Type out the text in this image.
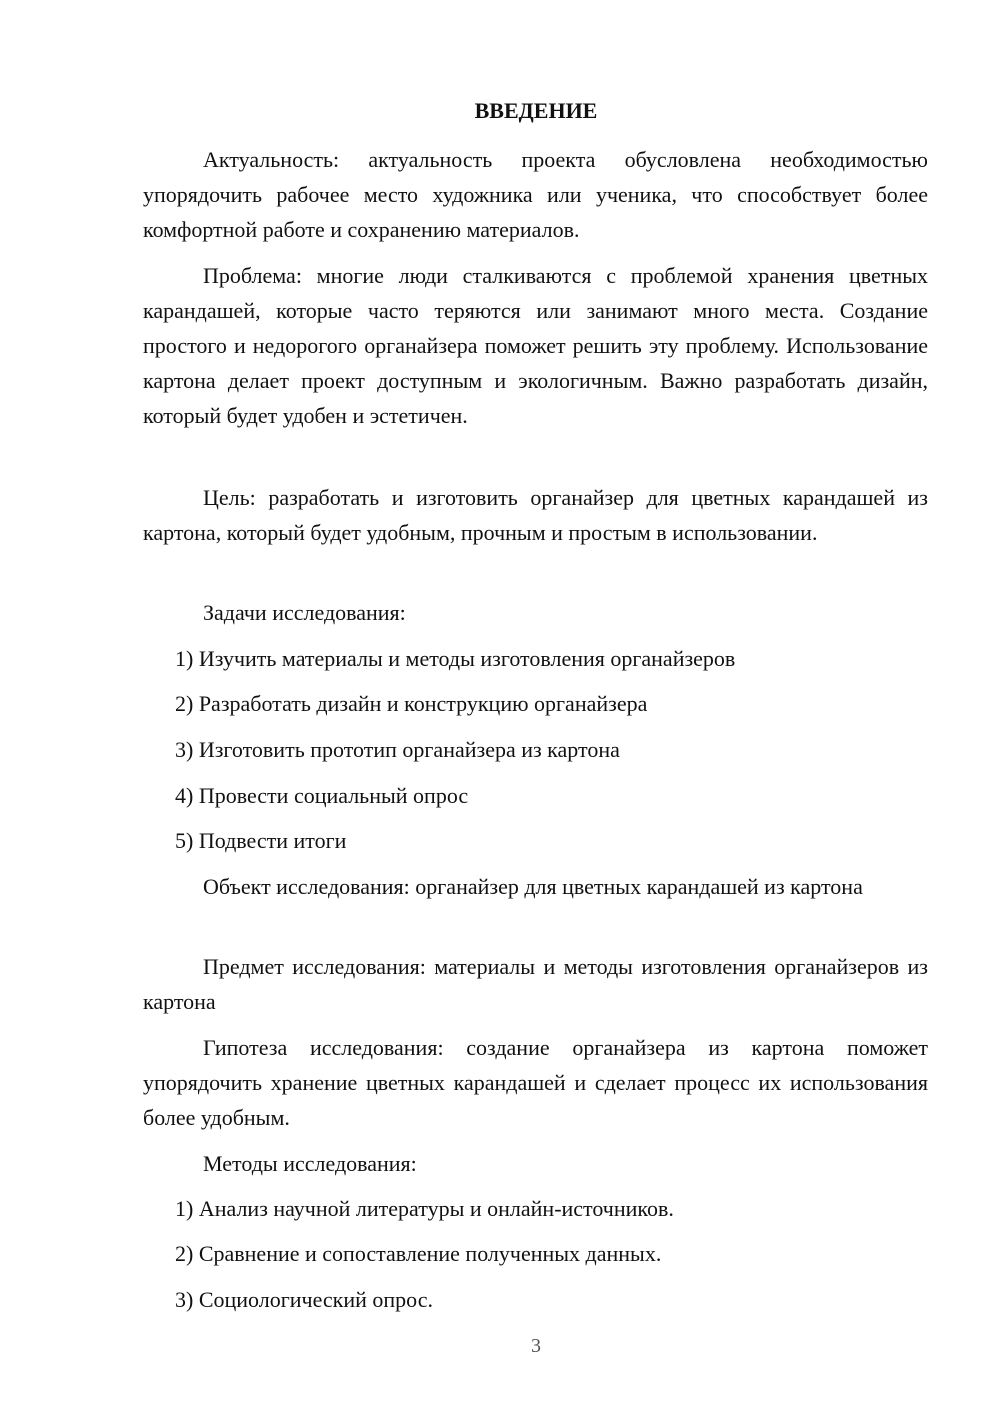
ВВЕДЕНИЕ

Актуальность: актуальность проекта обусловлена необходимостью упорядочить рабочее место художника или ученика, что способствует более комфортной работе и сохранению материалов.

Проблема: многие люди сталкиваются с проблемой хранения цветных карандашей, которые часто теряются или занимают много места. Создание простого и недорогого органайзера поможет решить эту проблему. Использование картона делает проект доступным и экологичным. Важно разработать дизайн, который будет удобен и эстетичен.

Цель: разработать и изготовить органайзер для цветных карандашей из картона, который будет удобным, прочным и простым в использовании.

Задачи исследования:

1) Изучить материалы и методы изготовления органайзеров

2) Разработать дизайн и конструкцию органайзера

3) Изготовить прототип органайзера из картона

4) Провести социальный опрос

5) Подвести итоги

Объект исследования: органайзер для цветных карандашей из картона

Предмет исследования: материалы и методы изготовления органайзеров из картона

Гипотеза исследования: создание органайзера из картона поможет упорядочить хранение цветных карандашей и сделает процесс их использования более удобным.

Методы исследования:

1) Анализ научной литературы и онлайн-источников.

2) Сравнение и сопоставление полученных данных.

3) Социологический опрос.

3
